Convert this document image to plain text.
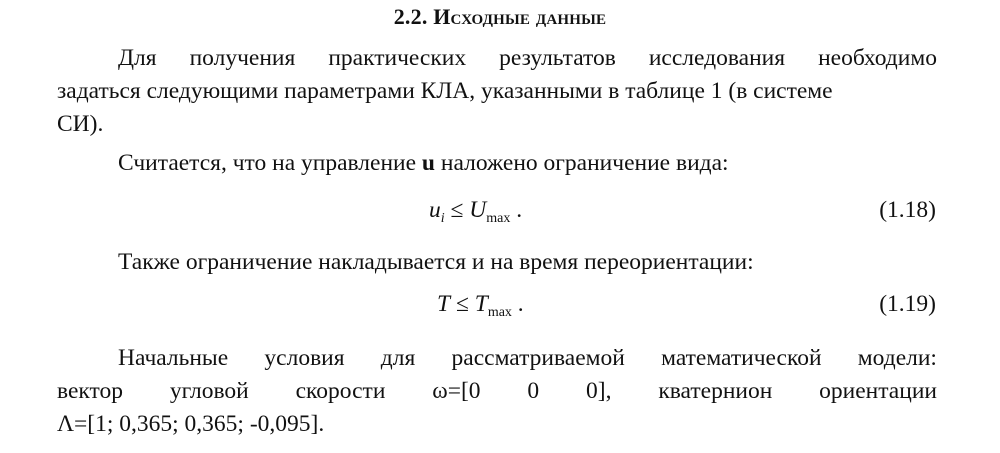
2.2. Исходные данные
Для получения практических результатов исследования необходимо
задаться следующими параметрами КЛА, указанными в таблице 1 (в системе
СИ).
Считается, что на управление u наложено ограничение вида:
$u_i \le U_{max}$ .	(1.18)
Также ограничение накладывается и на время переориентации:
$T \le T_{max}$ .	(1.19)
Начальные условия для рассматриваемой математической модели:
вектор угловой скорости ω=[0 0 0], кватернион ориентации
Λ=[1; 0,365; 0,365; -0,095].
